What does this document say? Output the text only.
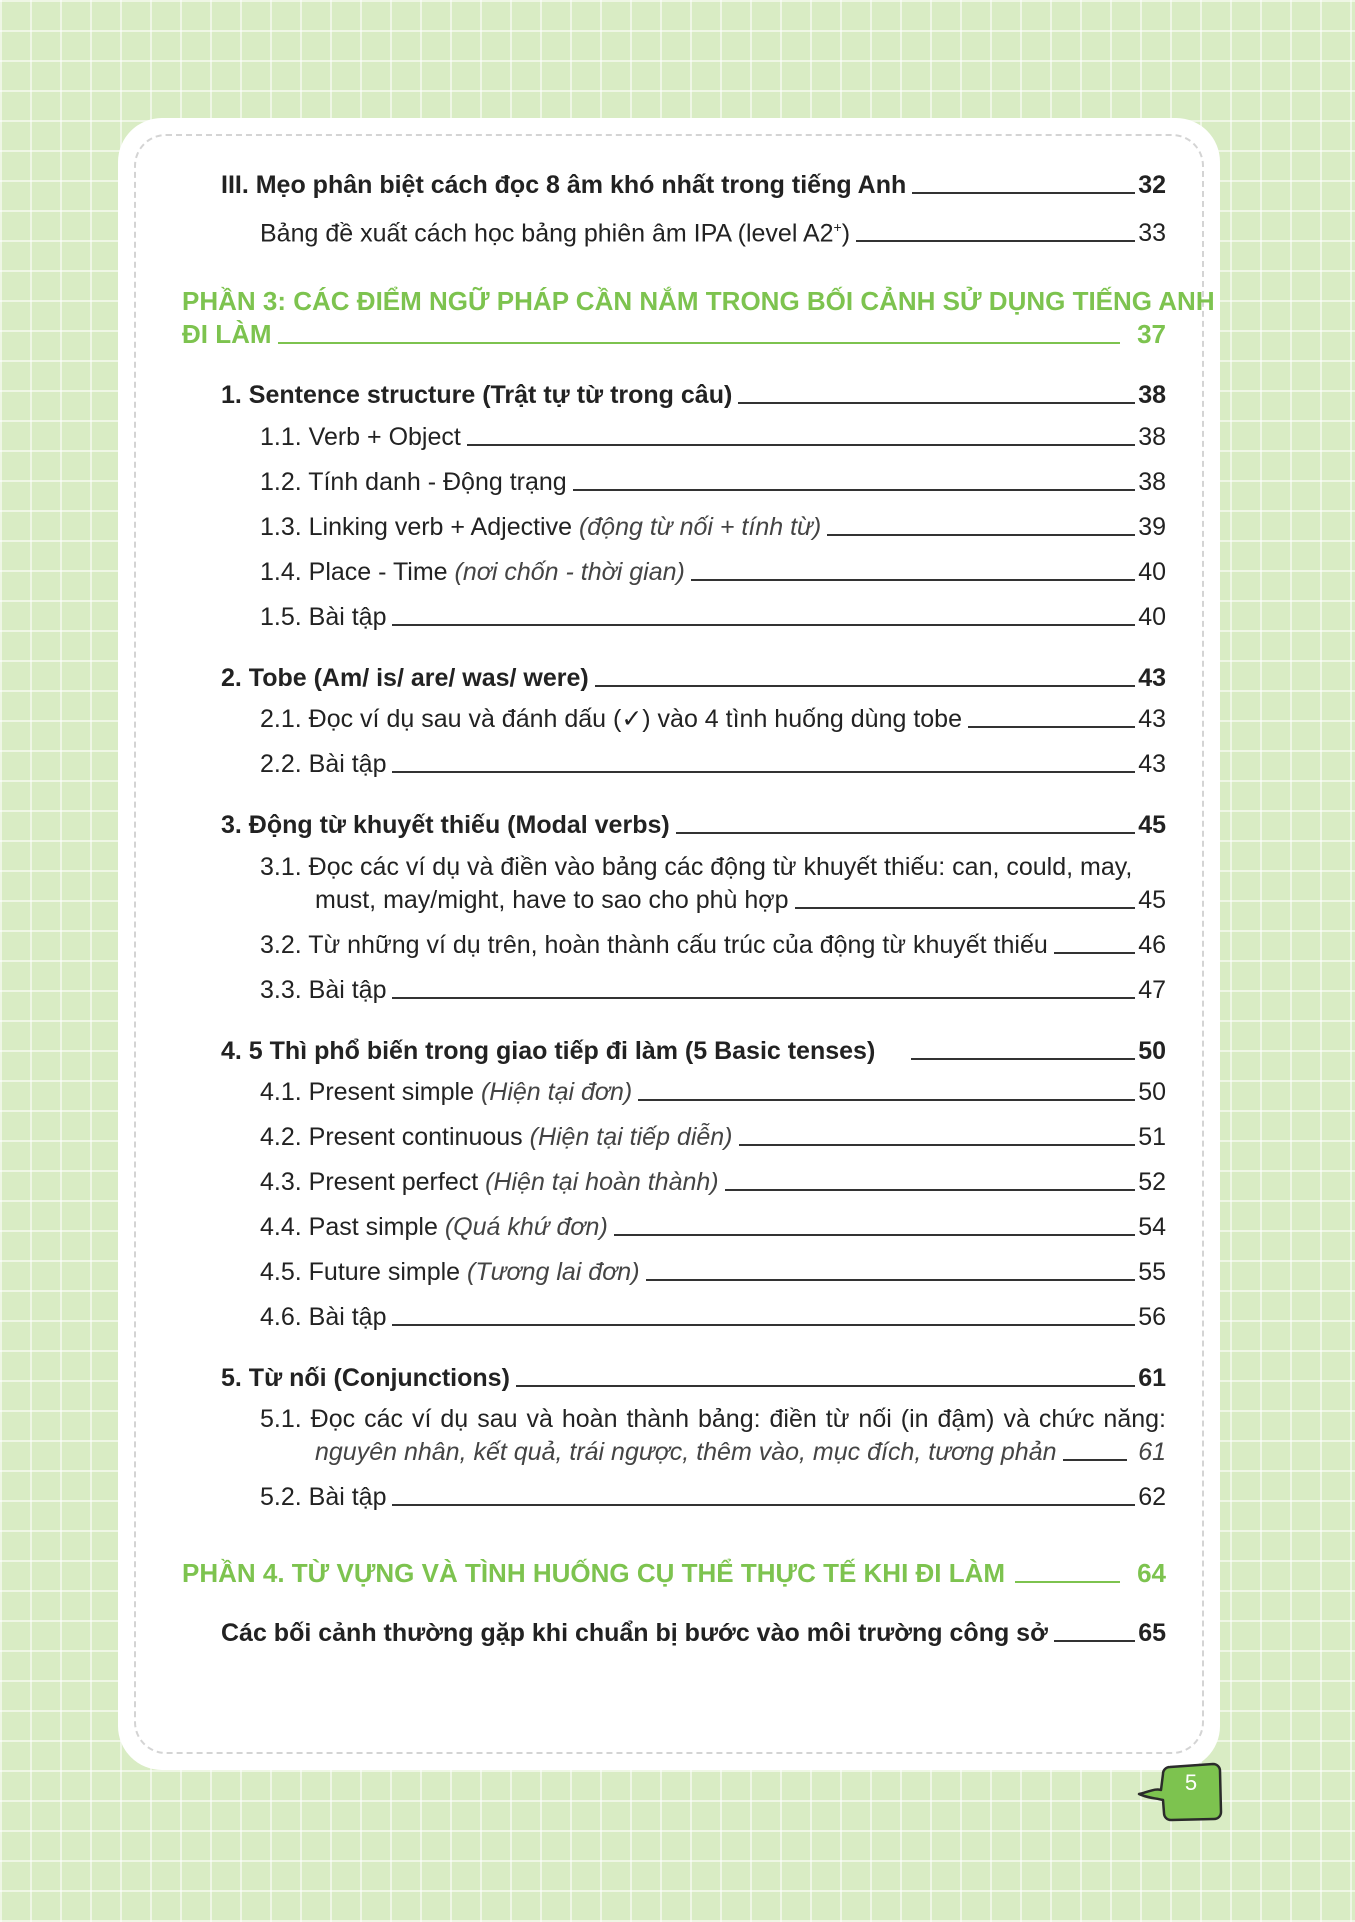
III. Mẹo phân biệt cách đọc 8 âm khó nhất trong tiếng Anh	32
Bảng đề xuất cách học bảng phiên âm IPA (level A2+)	33
PHẦN 3: CÁC ĐIỂM NGỮ PHÁP CẦN NẮM TRONG BỐI CẢNH SỬ DỤNG TIẾNG ANH
ĐI LÀM	37
1. Sentence structure (Trật tự từ trong câu)	38
1.1. Verb + Object	38
1.2. Tính danh - Động trạng	38
1.3. Linking verb + Adjective (động từ nối + tính từ)	39
1.4. Place - Time (nơi chốn - thời gian)	40
1.5. Bài tập	40
2. Tobe (Am/ is/ are/ was/ were)	43
2.1. Đọc ví dụ sau và đánh dấu (✓) vào 4 tình huống dùng tobe	43
2.2. Bài tập	43
3. Động từ khuyết thiếu (Modal verbs)	45
3.1. Đọc các ví dụ và điền vào bảng các động từ khuyết thiếu: can, could, may,
must, may/might, have to sao cho phù hợp	45
3.2. Từ những ví dụ trên, hoàn thành cấu trúc của động từ khuyết thiếu	46
3.3. Bài tập	47
4. 5 Thì phổ biến trong giao tiếp đi làm (5 Basic tenses)	50
4.1. Present simple (Hiện tại đơn)	50
4.2. Present continuous (Hiện tại tiếp diễn)	51
4.3. Present perfect (Hiện tại hoàn thành)	52
4.4. Past simple (Quá khứ đơn)	54
4.5. Future simple (Tương lai đơn)	55
4.6. Bài tập	56
5. Từ nối (Conjunctions)	61
5.1. Đọc các ví dụ sau và hoàn thành bảng: điền từ nối (in đậm) và chức năng:
nguyên nhân, kết quả, trái ngược, thêm vào, mục đích, tương phản	61
5.2. Bài tập	62
PHẦN 4. TỪ VỰNG VÀ TÌNH HUỐNG CỤ THỂ THỰC TẾ KHI ĐI LÀM	64
Các bối cảnh thường gặp khi chuẩn bị bước vào môi trường công sở	65
5
